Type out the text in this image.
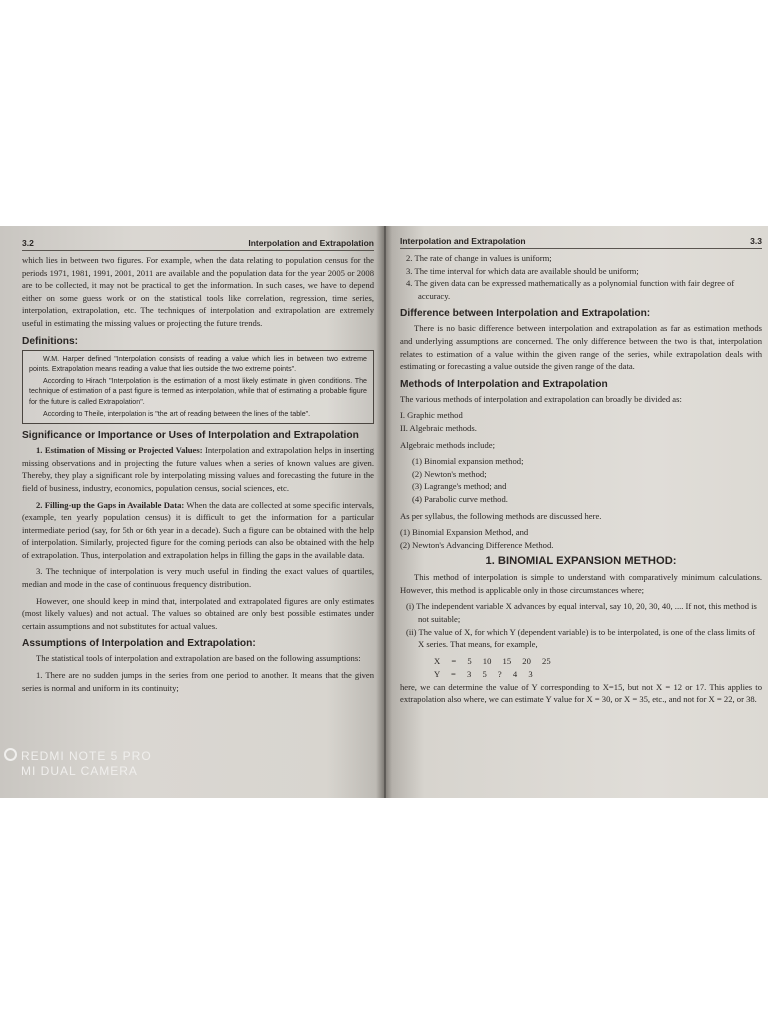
3.2	Interpolation and Extrapolation

which lies in between two figures. For example, when the data relating to population census for the periods 1971, 1981, 1991, 2001, 2011 are available and the population data for the year 2005 or 2008 are to be collected, it may not be practical to get the information. In such cases, we have to depend either on some guess work or on the statistical tools like correlation, regression, time series, interpolation, extrapolation, etc. The techniques of interpolation and extrapolation are extremely useful in estimating the missing values or projecting the future trends.

Definitions:

W.M. Harper defined "Interpolation consists of reading a value which lies in between two extreme points. Extrapolation means reading a value that lies outside the two extreme points".

According to Hirach "Interpolation is the estimation of a most likely estimate in given conditions. The technique of estimation of a past figure is termed as interpolation, while that of estimating a probable figure for the future is called Extrapolation".

According to Theile, interpolation is "the art of reading between the lines of the table".

Significance or Importance or Uses of Interpolation and Extrapolation

1. Estimation of Missing or Projected Values: Interpolation and extrapolation helps in inserting missing observations and in projecting the future values when a series of known values are given. Thereby, they play a significant role by interpolating missing values and forecasting the future in the field of business, industry, economics, population census, social sciences, etc.

2. Filling-up the Gaps in Available Data: When the data are collected at some specific intervals, (example, ten yearly population census) it is difficult to get the information for a particular intermediate period (say, for 5th or 6th year in a decade). Such a figure can be obtained with the help of interpolation. Similarly, projected figure for the coming periods can also be obtained with the help of extrapolation. Thus, interpolation and extrapolation helps in filling the gaps in the available data.

3. The technique of interpolation is very much useful in finding the exact values of quartiles, median and mode in the case of continuous frequency distribution.

However, one should keep in mind that, interpolated and extrapolated figures are only estimates (most likely values) and not actual. The values so obtained are only best possible estimates under certain assumptions and not substitutes for actual values.

Assumptions of Interpolation and Extrapolation:

The statistical tools of interpolation and extrapolation are based on the following assumptions:

1. There are no sudden jumps in the series from one period to another. It means that the given series is normal and uniform in its continuity;

Interpolation and Extrapolation	3.3
2. The rate of change in values is uniform;
3. The time interval for which data are available should be uniform;
4. The given data can be expressed mathematically as a polynomial function with fair degree of accuracy.
Difference between Interpolation and Extrapolation:

There is no basic difference between interpolation and extrapolation as far as estimation methods and underlying assumptions are concerned. The only difference between the two is that, interpolation relates to estimation of a value within the given range of the series, while extrapolation deals with estimating or forecasting a value outside the given range of the data.

Methods of Interpolation and Extrapolation

The various methods of interpolation and extrapolation can broadly be divided as:

I. Graphic method
II. Algebraic methods.

Algebraic methods include;

(1) Binomial expansion method;
(2) Newton's method;
(3) Lagrange's method; and
(4) Parabolic curve method.

As per syllabus, the following methods are discussed here.

(1) Binomial Expansion Method, and
(2) Newton's Advancing Difference Method.
1. BINOMIAL EXPANSION METHOD:

This method of interpolation is simple to understand with comparatively minimum calculations. However, this method is applicable only in those circumstances where;

(i) The independent variable X advances by equal interval, say 10, 20, 30, 40, .... If not, this method is not suitable;
(ii) The value of X, for which Y (dependent variable) is to be interpolated, is one of the class limits of X series. That means, for example,
X = 5 10 15 20 25
Y = 3 5 ? 4 3

here, we can determine the value of Y corresponding to X=15, but not X = 12 or 17. This applies to extrapolation also where, we can estimate Y value for X = 30, or X = 35, etc., and not for X = 22, or 38.

REDMI NOTE 5 PRO
MI DUAL CAMERA
